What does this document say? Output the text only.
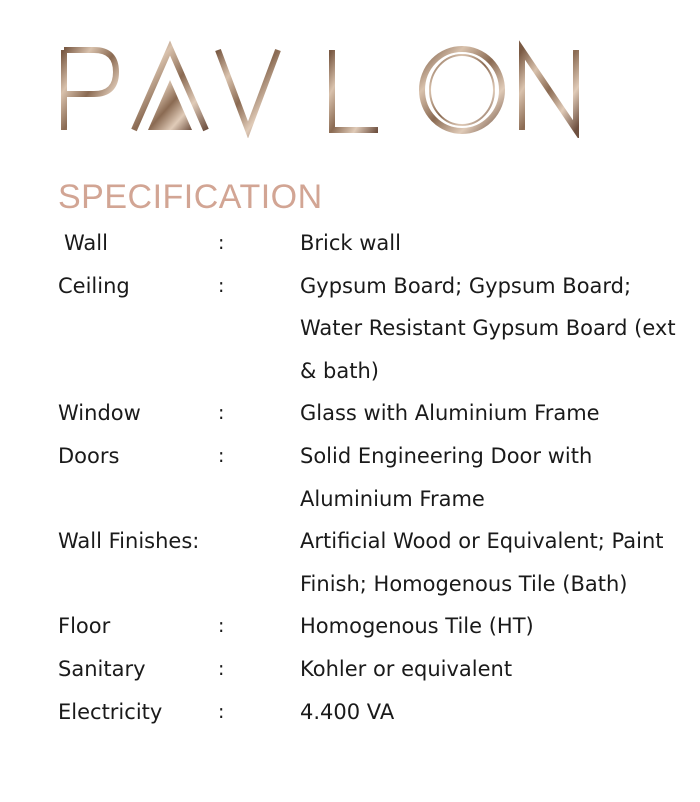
SPECIFICATION
Wall	:	Brick wall
Ceiling	:	Gypsum Board; Gypsum Board; Water Resistant Gypsum Board (ext & bath)
Window	:	Glass with Aluminium Frame
Doors	:	Solid Engineering Door with Aluminium Frame
Wall Finishes:	Artificial Wood or Equivalent; Paint Finish; Homogenous Tile (Bath)
Floor	:	Homogenous Tile (HT)
Sanitary	:	Kohler or equivalent
Electricity	:	4.400 VA
